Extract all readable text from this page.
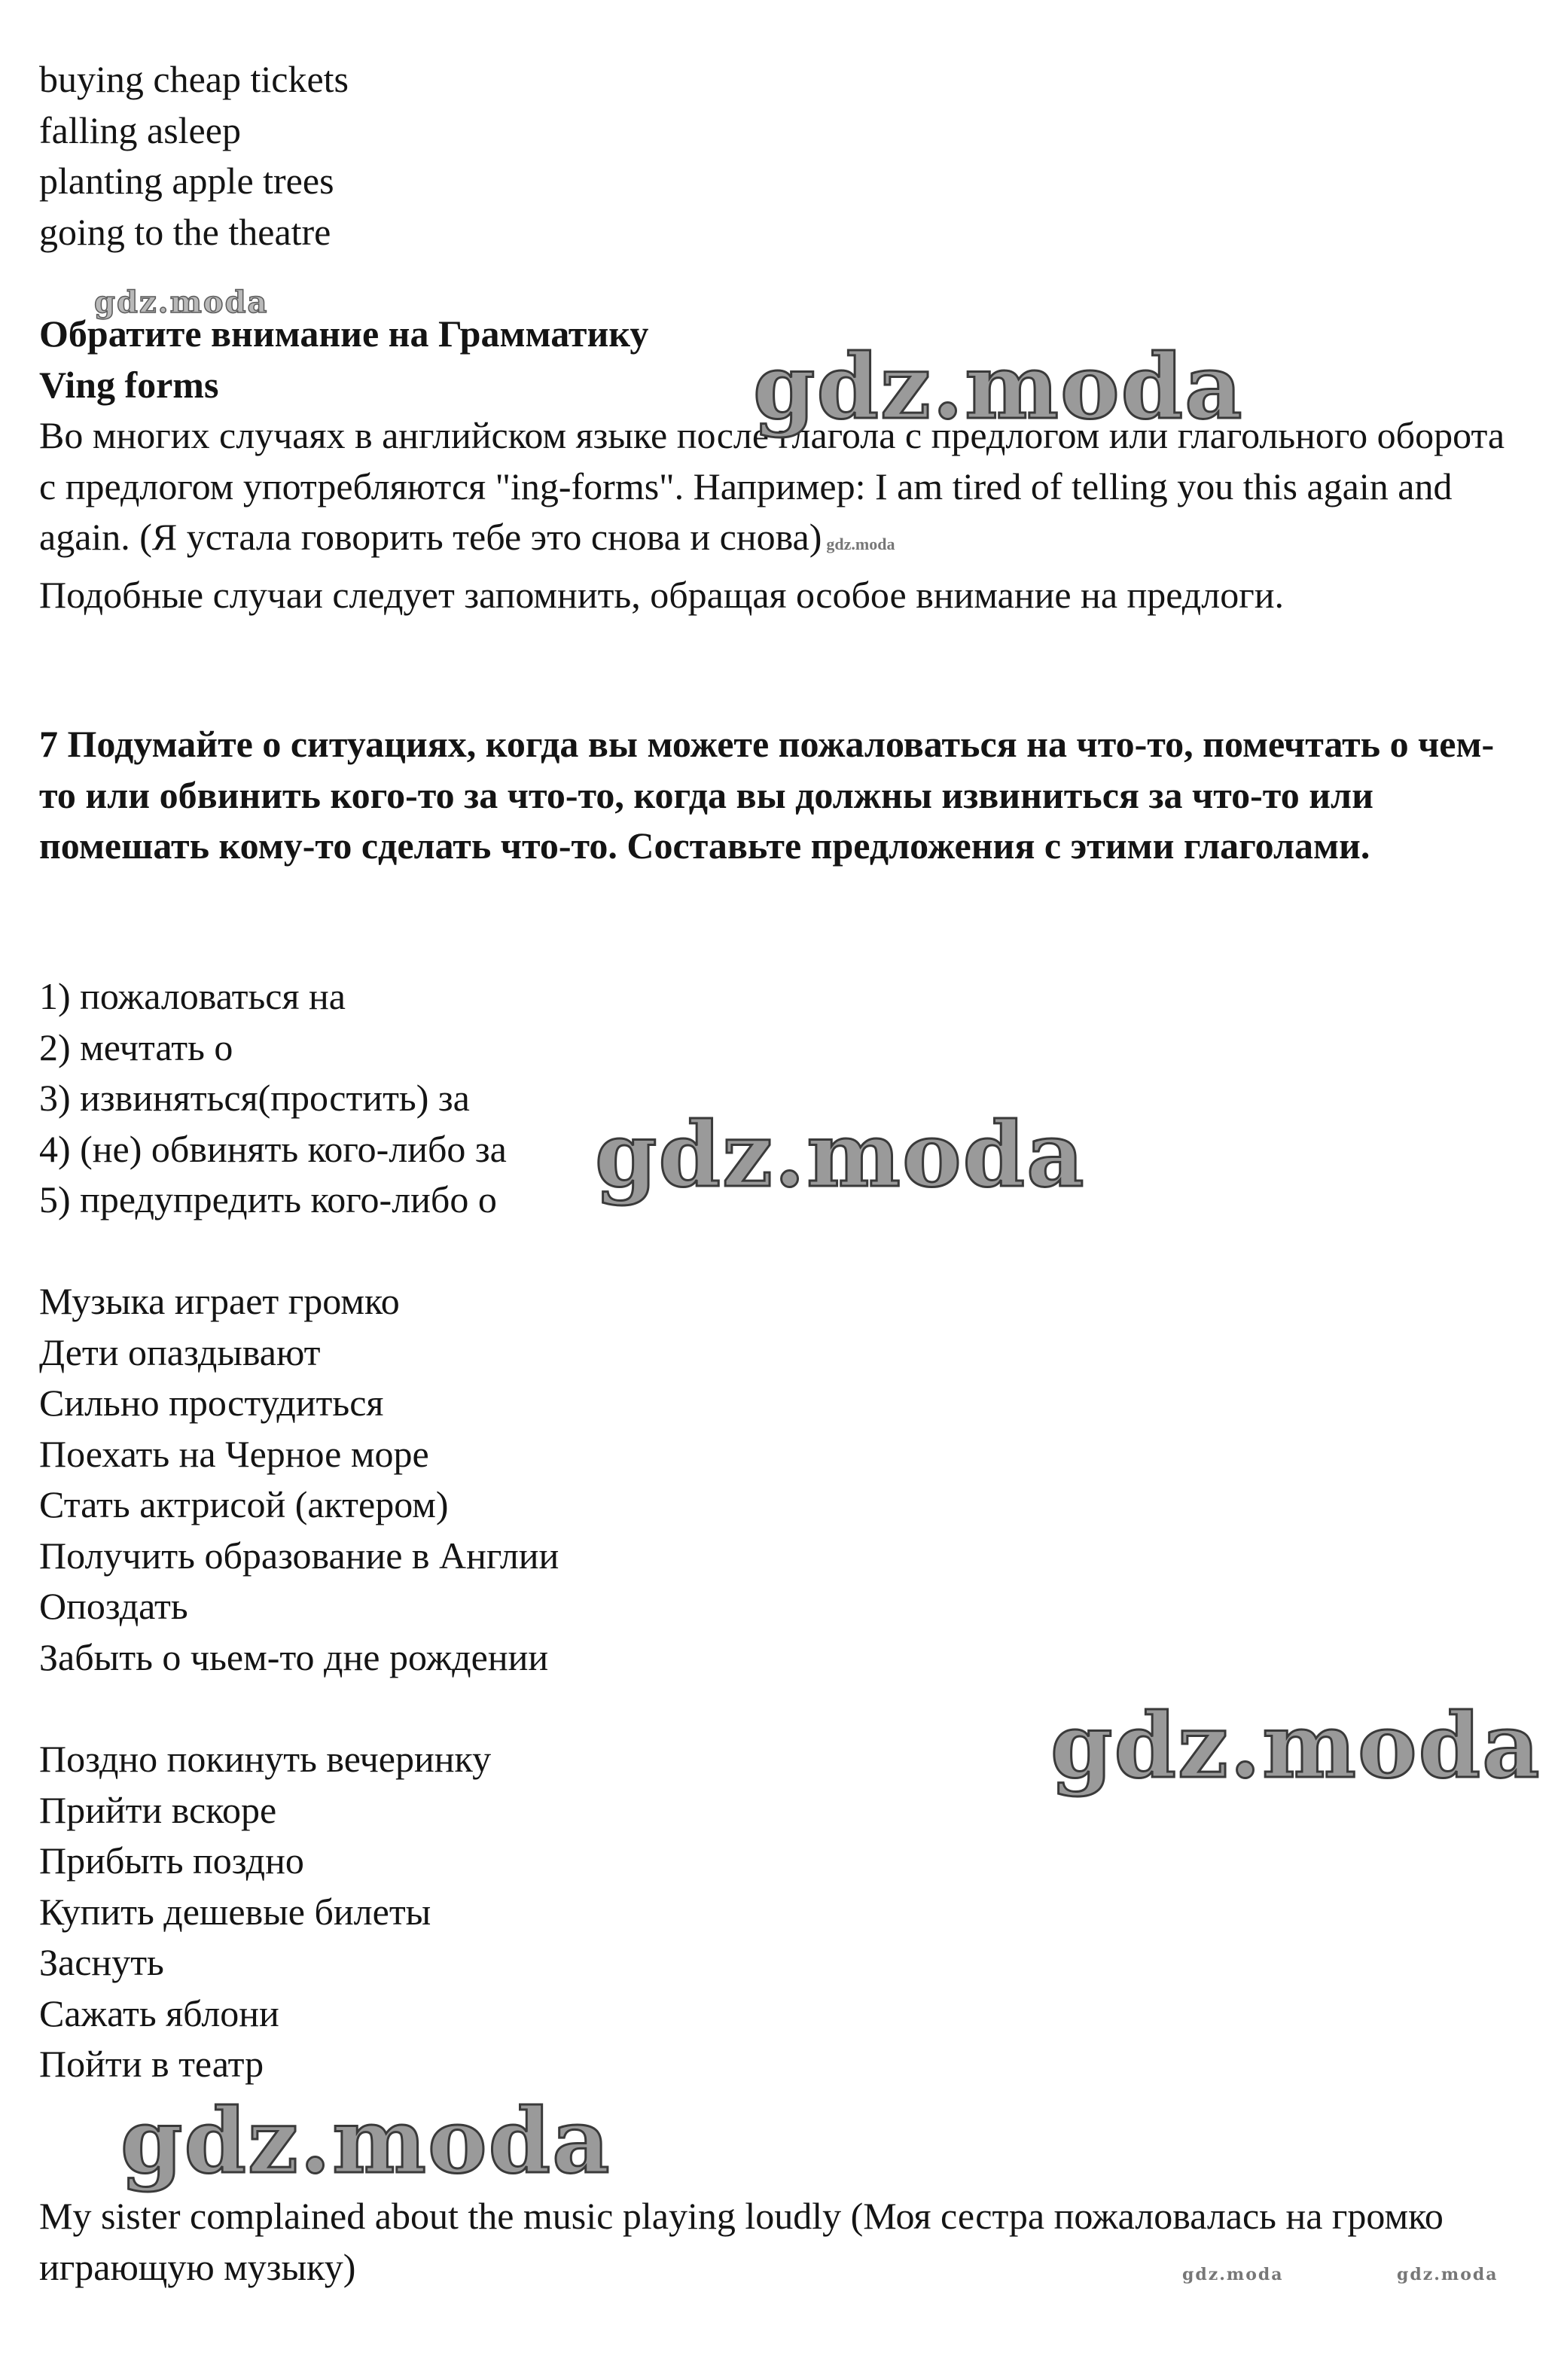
buying cheap tickets
falling asleep
planting apple trees
going to the theatre
Обратите внимание на Грамматику
Ving forms
Во многих случаях в английском языке после глагола с предлогом или глагольного оборота с предлогом употребляются "ing-forms". Например: I am tired of telling you this again and again. (Я устала говорить тебе это снова и снова) gdz.moda
Подобные случаи следует запомнить, обращая особое внимание на предлоги.
7 Подумайте о ситуациях, когда вы можете пожаловаться на что-то, помечтать о чем-то или обвинить кого-то за что-то, когда вы должны извиниться за что-то или помешать кому-то сделать что-то. Составьте предложения с этими глаголами.
1) пожаловаться на
2) мечтать о
3) извиняться(простить) за
4) (не) обвинять кого-либо за
5) предупредить кого-либо о
Музыка играет громко
Дети опаздывают
Сильно простудиться
Поехать на Черное море
Стать актрисой (актером)
Получить образование в Англии
Опоздать
Забыть о чьем-то дне рождении
Поздно покинуть вечеринку
Прийти вскоре
Прибыть поздно
Купить дешевые билеты
Заснуть
Сажать яблони
Пойти в театр
My sister complained about the music playing loudly (Моя сестра пожаловалась на громко играющую музыку)
gdz.moda
gdz.moda
gdz.moda
gdz.moda
gdz.moda
gdz.moda	gdz.moda
